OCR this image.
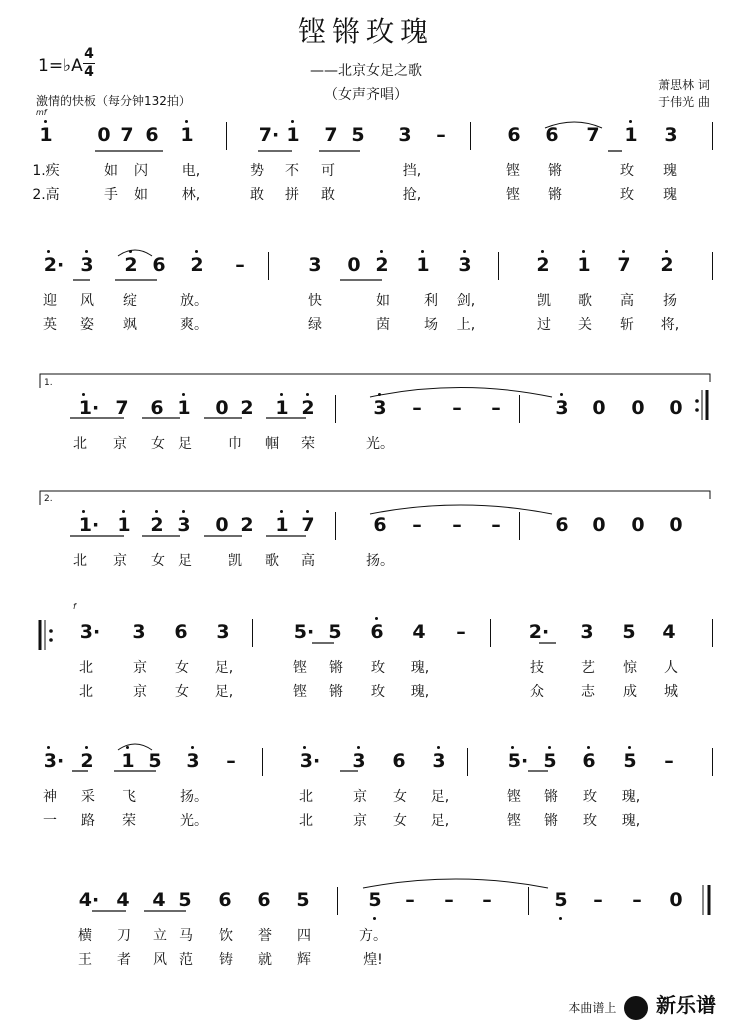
铿锵玫瑰
1=♭A
4
4	——北京女足之歌
（女声齐唱）
萧思林 词
于伟光 曲
激情的快板（每分钟132拍）
mf
f
1.
2.
1 0 7 6 1	7· 1 7 5 3 –	6 6 7 1 3
1.疾	如	闪	电,	势	不	可	挡,	铿	锵	玫	瑰
2.高	手	如	林,	敢	拼	敢	抢,	铿	锵	玫	瑰
2· 3 2 6 2 –	3 0 2 1 3	2 1 7 2
迎	风	绽	放。	快	如	利	剑,	凯	歌	高	扬
英	姿	飒	爽。	绿	茵	场	上,	过	关	斩	将,
1· 7 6 1 0 2 1 2	3 – – –	3 0 0 0
北	京	女 足	巾	帼	荣	光。
1· 1 2 3 0 2 1 7	6 – – –	6 0 0 0
北	京	女 足	凯	歌	高	扬。
3· 3 6 3	5· 5 6 4 –	2· 3 5 4
北	京	女	足,	铿	锵	玫	瑰,	技	艺	惊	人
北	京	女	足,	铿	锵	玫	瑰,	众	志	成	城
3· 2 1 5 3 –	3· 3 6 3	5· 5 6 5 –
神	采	飞	扬。	北	京	女	足,	铿	锵	玫	瑰,
一	路	荣	光。	北	京	女	足,	铿	锵	玫	瑰,
4· 4 4 5 6 6 5	5 – – –	5 – – 0
横	刀	立 马	饮	誉	四	方。
王	者	风 范	铸	就	辉	煌!
本曲谱上 新乐谱
